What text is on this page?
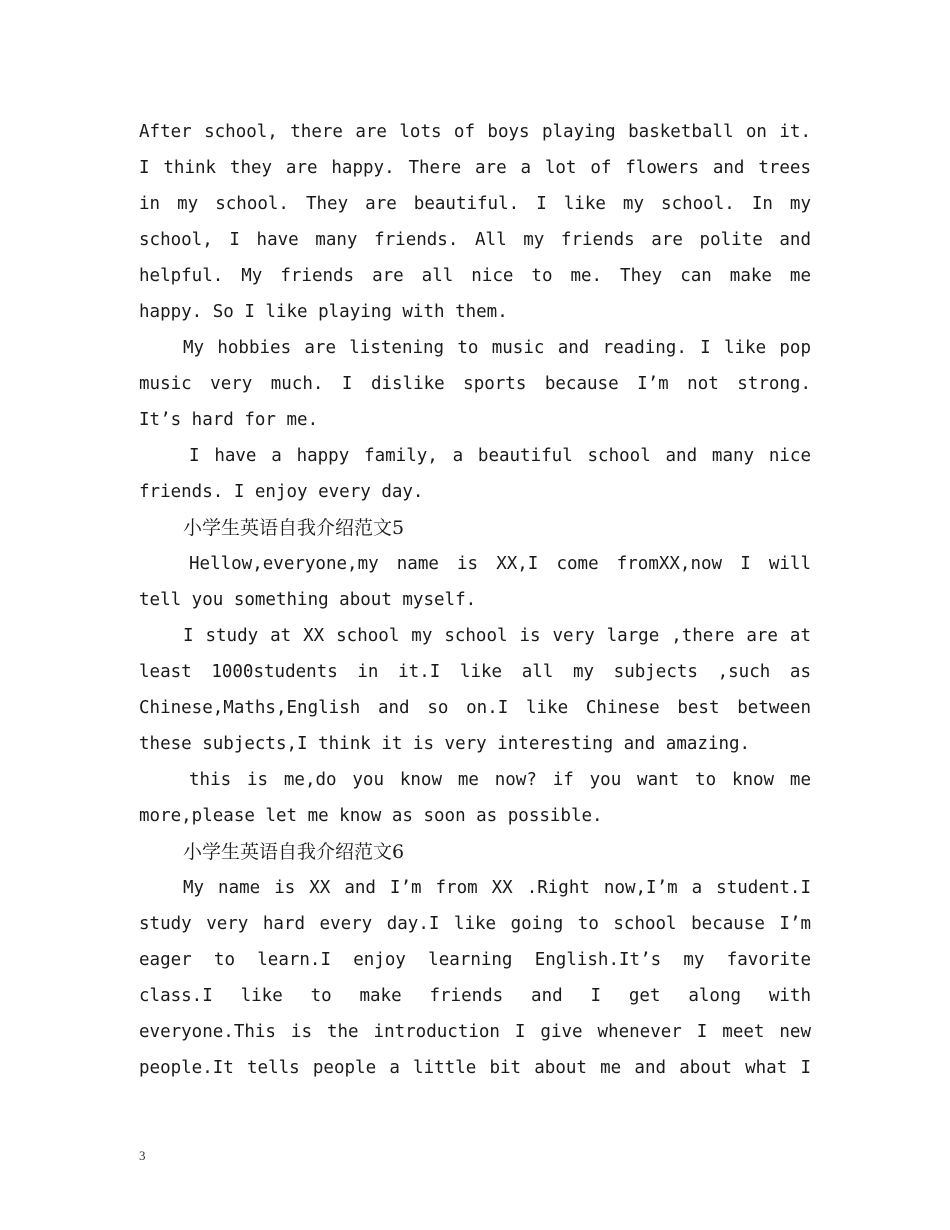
After school, there are lots of boys playing basketball on it.
I think they are happy. There are a lot of flowers and trees
in my school. They are beautiful. I like my school. In my
school, I have many friends. All my friends are polite and
helpful. My friends are all nice to me. They can make me
happy. So I like playing with them.
My hobbies are listening to music and reading. I like pop
music very much. I dislike sports because I’m not strong.
It’s hard for me.
I have a happy family, a beautiful school and many nice
friends. I enjoy every day.
小学生英语自我介绍范文5
Hellow,everyone,my name is XX,I come fromXX,now I will
tell you something about myself.
I study at XX school my school is very large ,there are at
least 1000students in it.I like all my subjects ,such as
Chinese,Maths,English and so on.I like Chinese best between
these subjects,I think it is very interesting and amazing.
this is me,do you know me now? if you want to know me
more,please let me know as soon as possible.
小学生英语自我介绍范文6
My name is XX and I’m from XX .Right now,I’m a student.I
study very hard every day.I like going to school because I’m
eager to learn.I enjoy learning English.It’s my favorite
class.I like to make friends and I get along with
everyone.This is the introduction I give whenever I meet new
people.It tells people a little bit about me and about what I
3
